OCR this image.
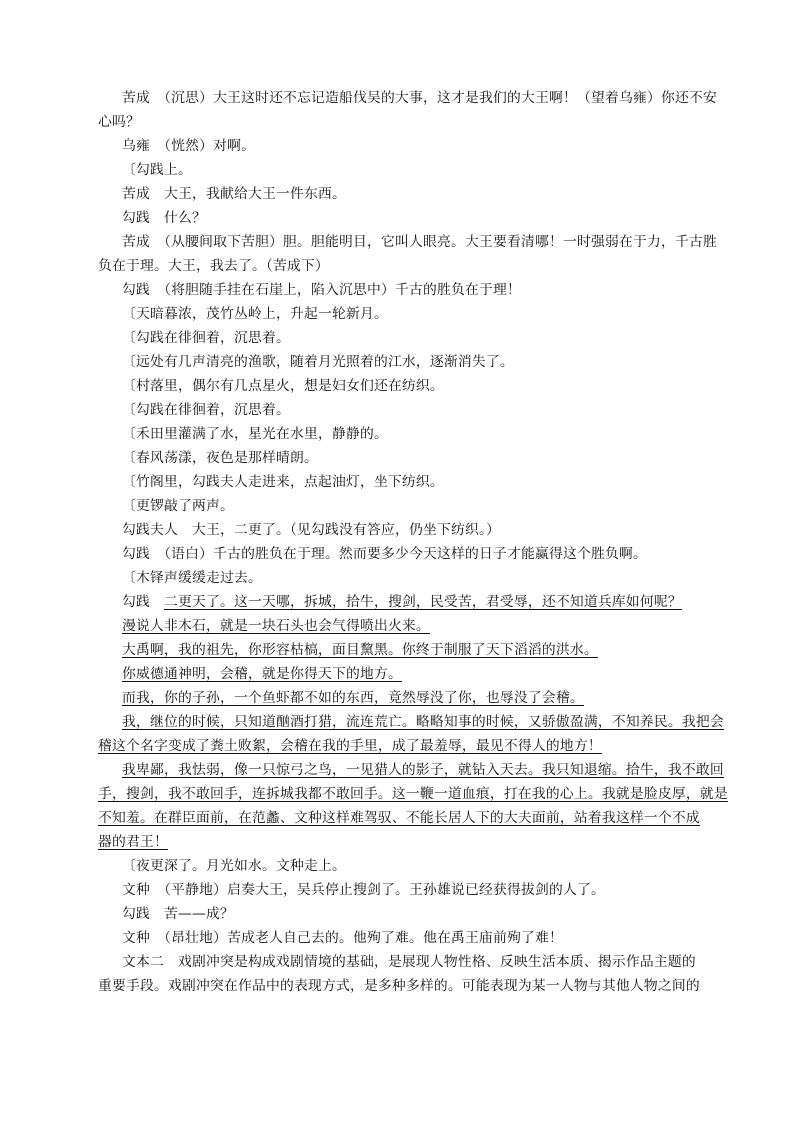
苦成　（沉思）大王这时还不忘记造船伐吴的大事，这才是我们的大王啊！（望着乌雍）你还不安
心吗？
乌雍　（恍然）对啊。
〔勾践上。
苦成　大王，我献给大王一件东西。
勾践　什么？
苦成　（从腰间取下苦胆）胆。胆能明目，它叫人眼亮。大王要看清哪！一时强弱在于力，千古胜
负在于理。大王，我去了。（苦成下）
勾践　（将胆随手挂在石崖上，陷入沉思中）千古的胜负在于理！
〔天暗暮浓，茂竹丛岭上，升起一轮新月。
〔勾践在徘徊着，沉思着。
〔远处有几声清亮的渔歌，随着月光照着的江水，逐渐消失了。
〔村落里，偶尔有几点星火，想是妇女们还在纺织。
〔勾践在徘徊着，沉思着。
〔禾田里灌满了水，星光在水里，静静的。
〔春风荡漾，夜色是那样晴朗。
〔竹阁里，勾践夫人走进来，点起油灯，坐下纺织。
〔更锣敲了两声。
勾践夫人　大王，二更了。（见勾践没有答应，仍坐下纺织。）
勾践　（语白）千古的胜负在于理。然而要多少今天这样的日子才能赢得这个胜负啊。
〔木铎声缓缓走过去。
勾践　二更天了。这一天哪，拆城，拾牛，搜剑，民受苦，君受辱，还不知道兵库如何呢？
漫说人非木石，就是一块石头也会气得喷出火来。
大禹啊，我的祖先，你形容枯槁，面目黧黑。你终于制服了天下滔滔的洪水。
你威德通神明，会稽，就是你得天下的地方。
而我，你的子孙，一个鱼虾都不如的东西，竟然辱没了你，也辱没了会稽。
我，继位的时候，只知道酗酒打猎，流连荒亡。略略知事的时候，又骄傲盈满，不知养民。我把会
稽这个名字变成了粪土败絮，会稽在我的手里，成了最羞辱，最见不得人的地方！
我卑鄙，我怯弱，像一只惊弓之鸟，一见猎人的影子，就钻入天去。我只知退缩。拾牛，我不敢回
手，搜剑，我不敢回手，连拆城我都不敢回手。这一鞭一道血痕，打在我的心上。我就是脸皮厚，就是
不知羞。在群臣面前，在范蠡、文种这样难驾驭、不能长居人下的大夫面前，站着我这样一个不成
器的君王！
〔夜更深了。月光如水。文种走上。
文种　（平静地）启奏大王，吴兵停止搜剑了。王孙雄说已经获得拔剑的人了。
勾践　苦——成？
文种　（昂壮地）苦成老人自己去的。他殉了难。他在禹王庙前殉了难！
文本二　戏剧冲突是构成戏剧情境的基础，是展现人物性格、反映生活本质、揭示作品主题的
重要手段。戏剧冲突在作品中的表现方式，是多种多样的。可能表现为某一人物与其他人物之间的
